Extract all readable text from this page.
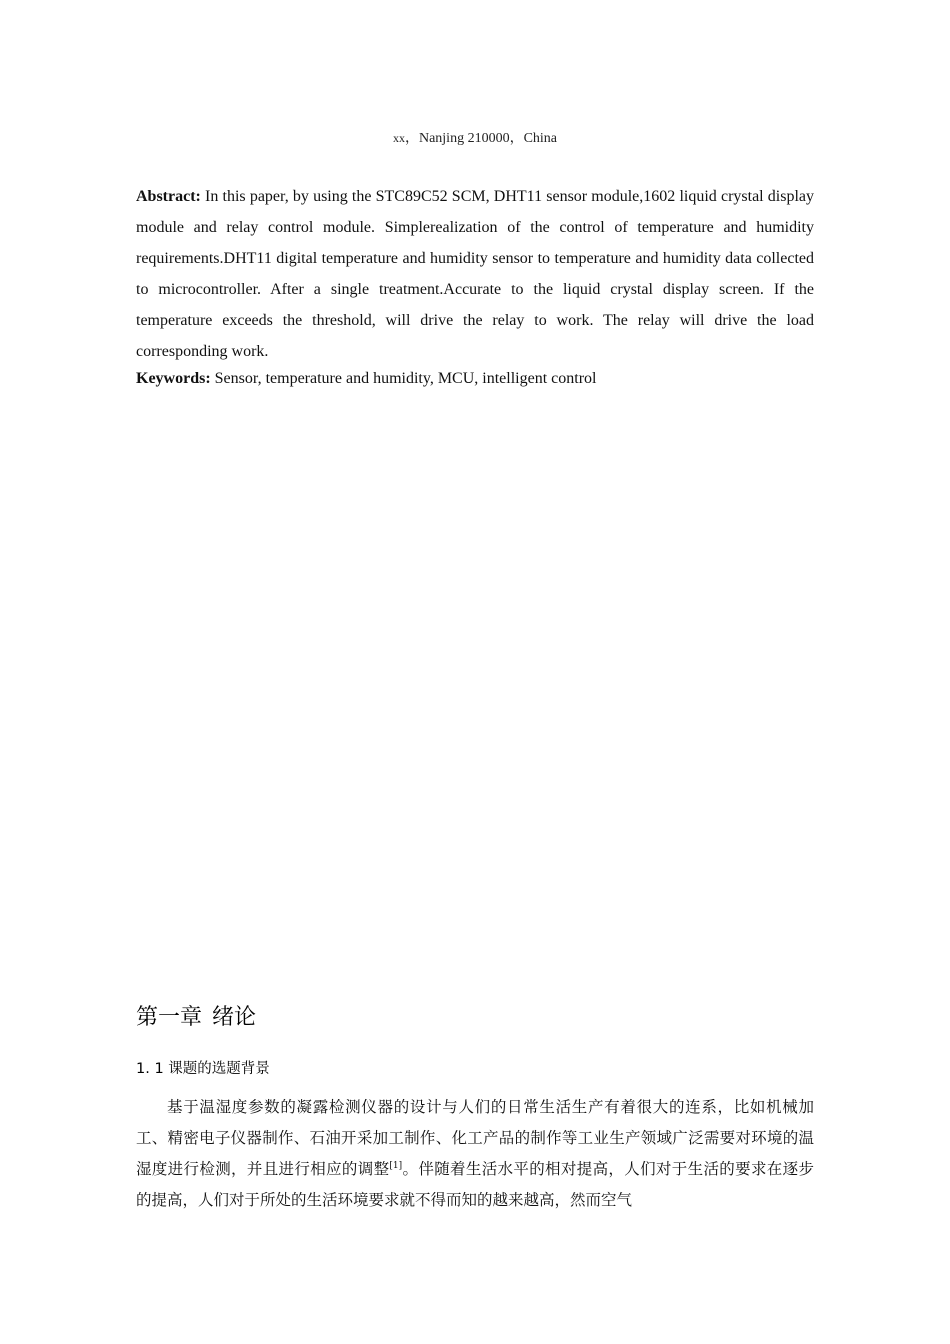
xx，Nanjing 210000，China
Abstract: In this paper, by using the STC89C52 SCM, DHT11 sensor module,1602 liquid crystal display module and relay control module. Simplerealization of the control of temperature and humidity requirements.DHT11 digital temperature and humidity sensor to temperature and humidity data collected to microcontroller. After a single treatment.Accurate to the liquid crystal display screen. If the temperature exceeds the threshold, will drive the relay to work. The relay will drive the load corresponding work.
Keywords: Sensor, temperature and humidity, MCU, intelligent control
第一章 绪论
1. 1 课题的选题背景
基于温湿度参数的凝露检测仪器的设计与人们的日常生活生产有着很大的连系，比如机械加工、精密电子仪器制作、石油开采加工制作、化工产品的制作等工业生产领域广泛需要对环境的温湿度进行检测，并且进行相应的调整[1]。伴随着生活水平的相对提高，人们对于生活的要求在逐步的提高，人们对于所处的生活环境要求就不得而知的越来越高，然而空气
